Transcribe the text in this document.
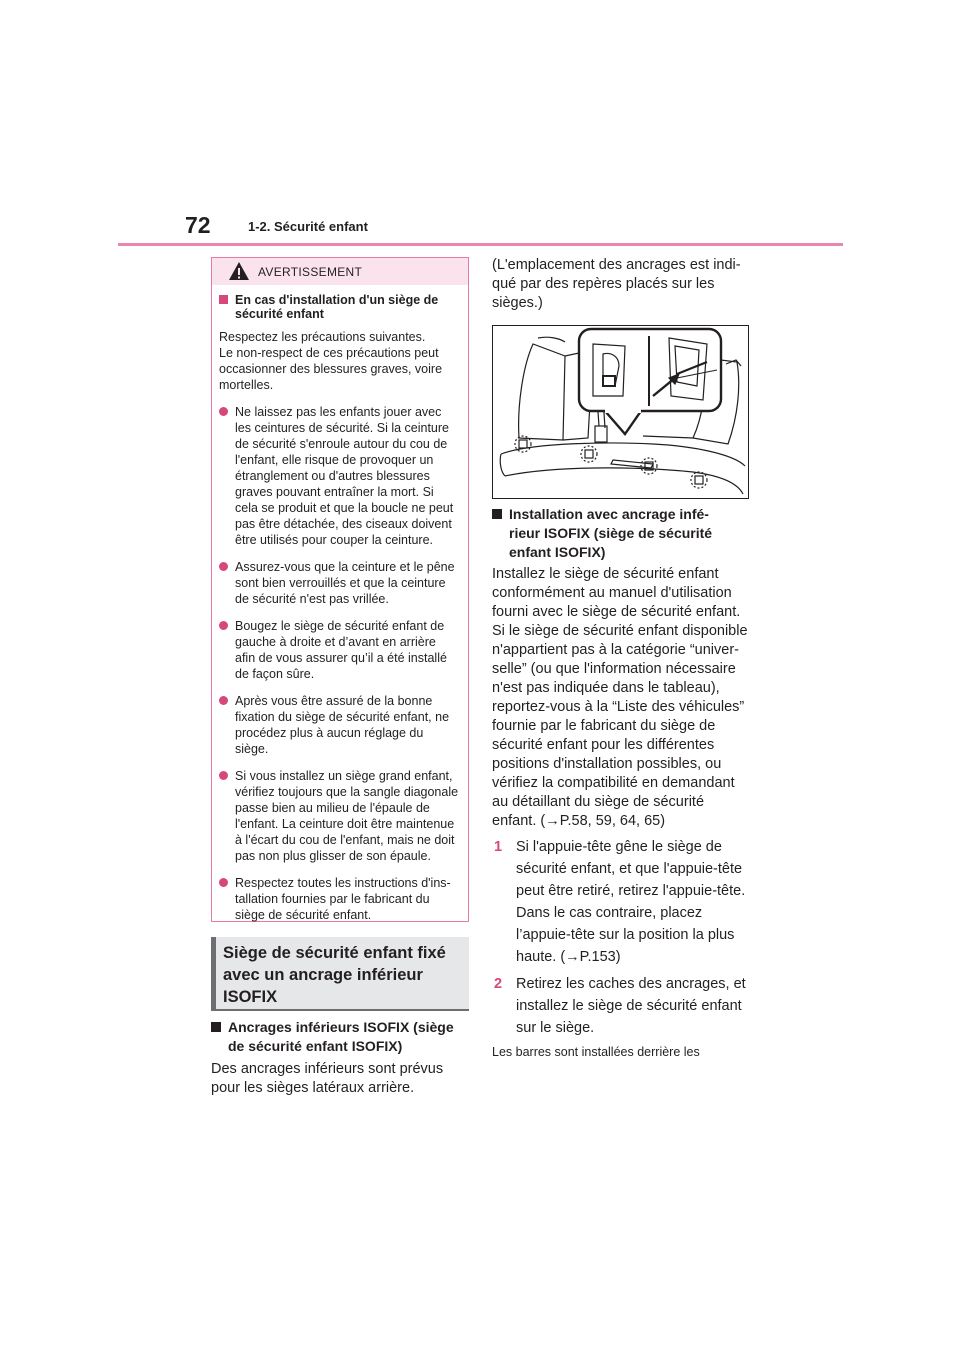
72	1-2. Sécurité enfant
AVERTISSEMENT
En cas d'installation d'un siège de
sécurité enfant
Respectez les précautions suivantes.
Le non-respect de ces précautions peut
occasionner des blessures graves, voire
mortelles.
Ne laissez pas les enfants jouer avec
les ceintures de sécurité. Si la ceinture
de sécurité s'enroule autour du cou de
l'enfant, elle risque de provoquer un
étranglement ou d'autres blessures
graves pouvant entraîner la mort. Si
cela se produit et que la boucle ne peut
pas être détachée, des ciseaux doivent
être utilisés pour couper la ceinture.
Assurez-vous que la ceinture et le pêne
sont bien verrouillés et que la ceinture
de sécurité n'est pas vrillée.
Bougez le siège de sécurité enfant de
gauche à droite et d’avant en arrière
afin de vous assurer qu’il a été installé
de façon sûre.
Après vous être assuré de la bonne
fixation du siège de sécurité enfant, ne
procédez plus à aucun réglage du
siège.
Si vous installez un siège grand enfant,
vérifiez toujours que la sangle diagonale
passe bien au milieu de l'épaule de
l'enfant. La ceinture doit être maintenue
à l'écart du cou de l'enfant, mais ne doit
pas non plus glisser de son épaule.
Respectez toutes les instructions d'ins-
tallation fournies par le fabricant du
siège de sécurité enfant.
Siège de sécurité enfant fixé
avec un ancrage inférieur
ISOFIX
Ancrages inférieurs ISOFIX (siège
de sécurité enfant ISOFIX)
Des ancrages inférieurs sont prévus
pour les sièges latéraux arrière.
(L'emplacement des ancrages est indi-
qué par des repères placés sur les
sièges.)
Installation avec ancrage infé-
rieur ISOFIX (siège de sécurité
enfant ISOFIX)
Installez le siège de sécurité enfant
conformément au manuel d'utilisation
fourni avec le siège de sécurité enfant.
Si le siège de sécurité enfant disponible
n'appartient pas à la catégorie “univer-
selle” (ou que l'information nécessaire
n'est pas indiquée dans le tableau),
reportez-vous à la “Liste des véhicules”
fournie par le fabricant du siège de
sécurité enfant pour les différentes
positions d'installation possibles, ou
vérifiez la compatibilité en demandant
au détaillant du siège de sécurité
enfant. (→P.58, 59, 64, 65)
1 Si l'appuie-tête gêne le siège de
sécurité enfant, et que l'appuie-tête
peut être retiré, retirez l'appuie-tête.
Dans le cas contraire, placez
l’appuie-tête sur la position la plus
haute. (→P.153)
2 Retirez les caches des ancrages, et
installez le siège de sécurité enfant
sur le siège.
Les barres sont installées derrière les
